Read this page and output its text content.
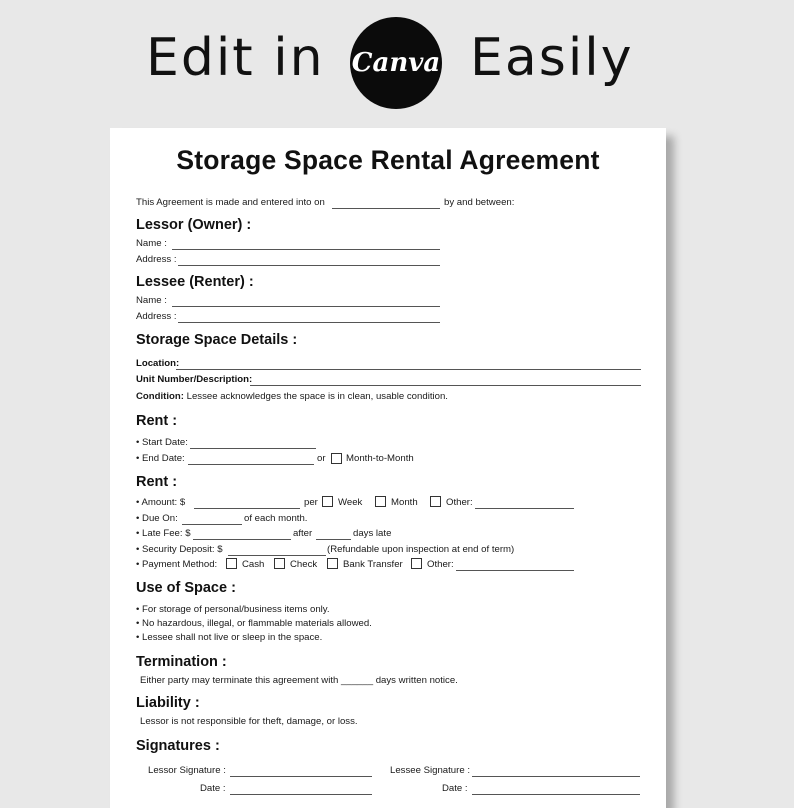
Edit in Canva Easily
Storage Space Rental Agreement
This Agreement is made and entered into on	by and between:
Lessor (Owner) :
Name :
Address :
Lessee (Renter) :
Name :
Address :
Storage Space Details :
Location:
Unit Number/Description:
Condition: Lessee acknowledges the space is in clean, usable condition.
Rent :
• Start Date:
• End Date:	or Month-to-Month
Rent :
• Amount: $	per Week	Month	Other:
• Due On:	of each month.
• Late Fee: $	after	days late
• Security Deposit: $	(Refundable upon inspection at end of term)
• Payment Method:	Cash	Check	Bank Transfer	Other:
Use of Space :
• For storage of personal/business items only.
• No hazardous, illegal, or flammable materials allowed.
• Lessee shall not live or sleep in the space.
Termination :
Either party may terminate this agreement with ______ days written notice.
Liability :
Lessor is not responsible for theft, damage, or loss.
Signatures :
Lessor Signature :	Lessee Signature :
Date :	Date :
